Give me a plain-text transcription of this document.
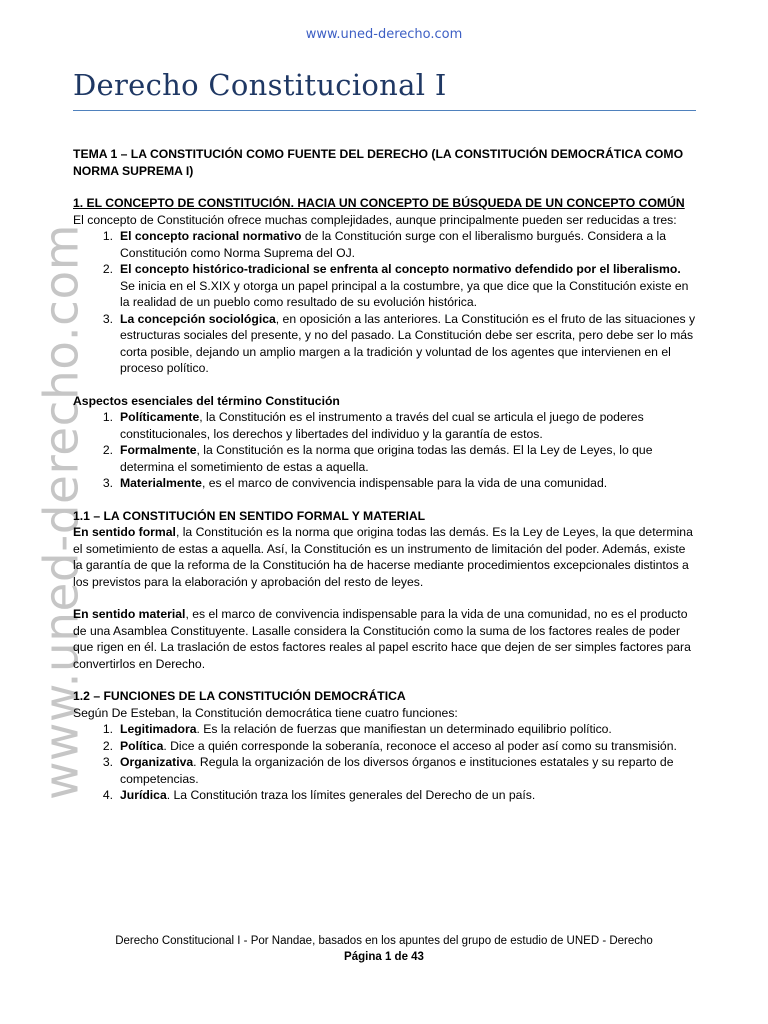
www.uned-derecho.com
Derecho Constitucional I
www.uned-derecho.com

TEMA 1 – LA CONSTITUCIÓN COMO FUENTE DEL DERECHO (LA CONSTITUCIÓN DEMOCRÁTICA COMO NORMA SUPREMA I)

1. EL CONCEPTO DE CONSTITUCIÓN. HACIA UN CONCEPTO DE BÚSQUEDA DE UN CONCEPTO COMÚN

El concepto de Constitución ofrece muchas complejidades, aunque principalmente pueden ser reducidas a tres:

1. El concepto racional normativo de la Constitución surge con el liberalismo burgués. Considera a la Constitución como Norma Suprema del OJ.
2. El concepto histórico-tradicional se enfrenta al concepto normativo defendido por el liberalismo. Se inicia en el S.XIX y otorga un papel principal a la costumbre, ya que dice que la Constitución existe en la realidad de un pueblo como resultado de su evolución histórica.
3. La concepción sociológica, en oposición a las anteriores. La Constitución es el fruto de las situaciones y estructuras sociales del presente, y no del pasado. La Constitución debe ser escrita, pero debe ser lo más corta posible, dejando un amplio margen a la tradición y voluntad de los agentes que intervienen en el proceso político.

Aspectos esenciales del término Constitución

1. Políticamente, la Constitución es el instrumento a través del cual se articula el juego de poderes constitucionales, los derechos y libertades del individuo y la garantía de estos.
2. Formalmente, la Constitución es la norma que origina todas las demás. El la Ley de Leyes, lo que determina el sometimiento de estas a aquella.
3. Materialmente, es el marco de convivencia indispensable para la vida de una comunidad.

1.1 – LA CONSTITUCIÓN EN SENTIDO FORMAL Y MATERIAL

En sentido formal, la Constitución es la norma que origina todas las demás. Es la Ley de Leyes, la que determina el sometimiento de estas a aquella. Así, la Constitución es un instrumento de limitación del poder. Además, existe la garantía de que la reforma de la Constitución ha de hacerse mediante procedimientos excepcionales distintos a los previstos para la elaboración y aprobación del resto de leyes.

En sentido material, es el marco de convivencia indispensable para la vida de una comunidad, no es el producto de una Asamblea Constituyente. Lasalle considera la Constitución como la suma de los factores reales de poder que rigen en él. La traslación de estos factores reales al papel escrito hace que dejen de ser simples factores para convertirlos en Derecho.

1.2 – FUNCIONES DE LA CONSTITUCIÓN DEMOCRÁTICA

Según De Esteban, la Constitución democrática tiene cuatro funciones:

1. Legitimadora. Es la relación de fuerzas que manifiestan un determinado equilibrio político.
2. Política. Dice a quién corresponde la soberanía, reconoce el acceso al poder así como su transmisión.
3. Organizativa. Regula la organización de los diversos órganos e instituciones estatales y su reparto de competencias.
4. Jurídica. La Constitución traza los límites generales del Derecho de un país.
Derecho Constitucional I - Por Nandae, basados en los apuntes del grupo de estudio de UNED - Derecho
Página 1 de 43
